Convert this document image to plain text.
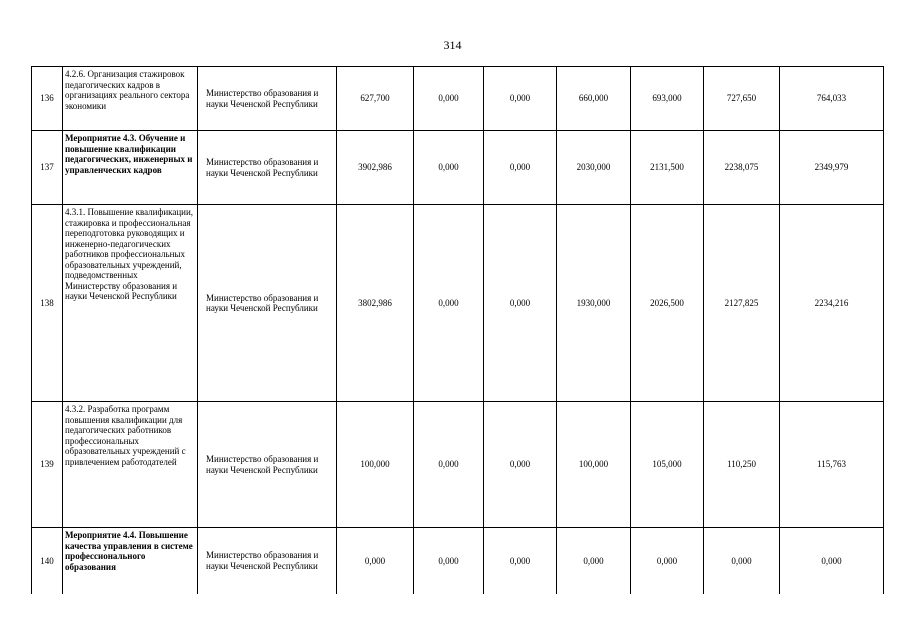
314
136	4.2.6. Организация стажировок педагогических кадров в организациях реального сектора экономики	Министерство образования и науки Чеченской Республики	627,700	0,000	0,000	660,000	693,000	727,650	764,033
137	Мероприятие 4.3. Обучение и повышение квалификации педагогических, инженерных и управленческих кадров	Министерство образования и науки Чеченской Республики	3902,986	0,000	0,000	2030,000	2131,500	2238,075	2349,979
138	4.3.1. Повышение квалификации, стажировка и профессиональная переподготовка руководящих и инженерно-педагогических работников профессиональных образовательных учреждений, подведомственных Министерству образования и науки Чеченской Республики	Министерство образования и науки Чеченской Республики	3802,986	0,000	0,000	1930,000	2026,500	2127,825	2234,216
139	4.3.2. Разработка программ повышения квалификации для педагогических работников профессиональных образовательных учреждений с привлечением работодателей	Министерство образования и науки Чеченской Республики	100,000	0,000	0,000	100,000	105,000	110,250	115,763
140	Мероприятие 4.4. Повышение качества управления в системе профессионального образования	Министерство образования и науки Чеченской Республики	0,000	0,000	0,000	0,000	0,000	0,000	0,000
